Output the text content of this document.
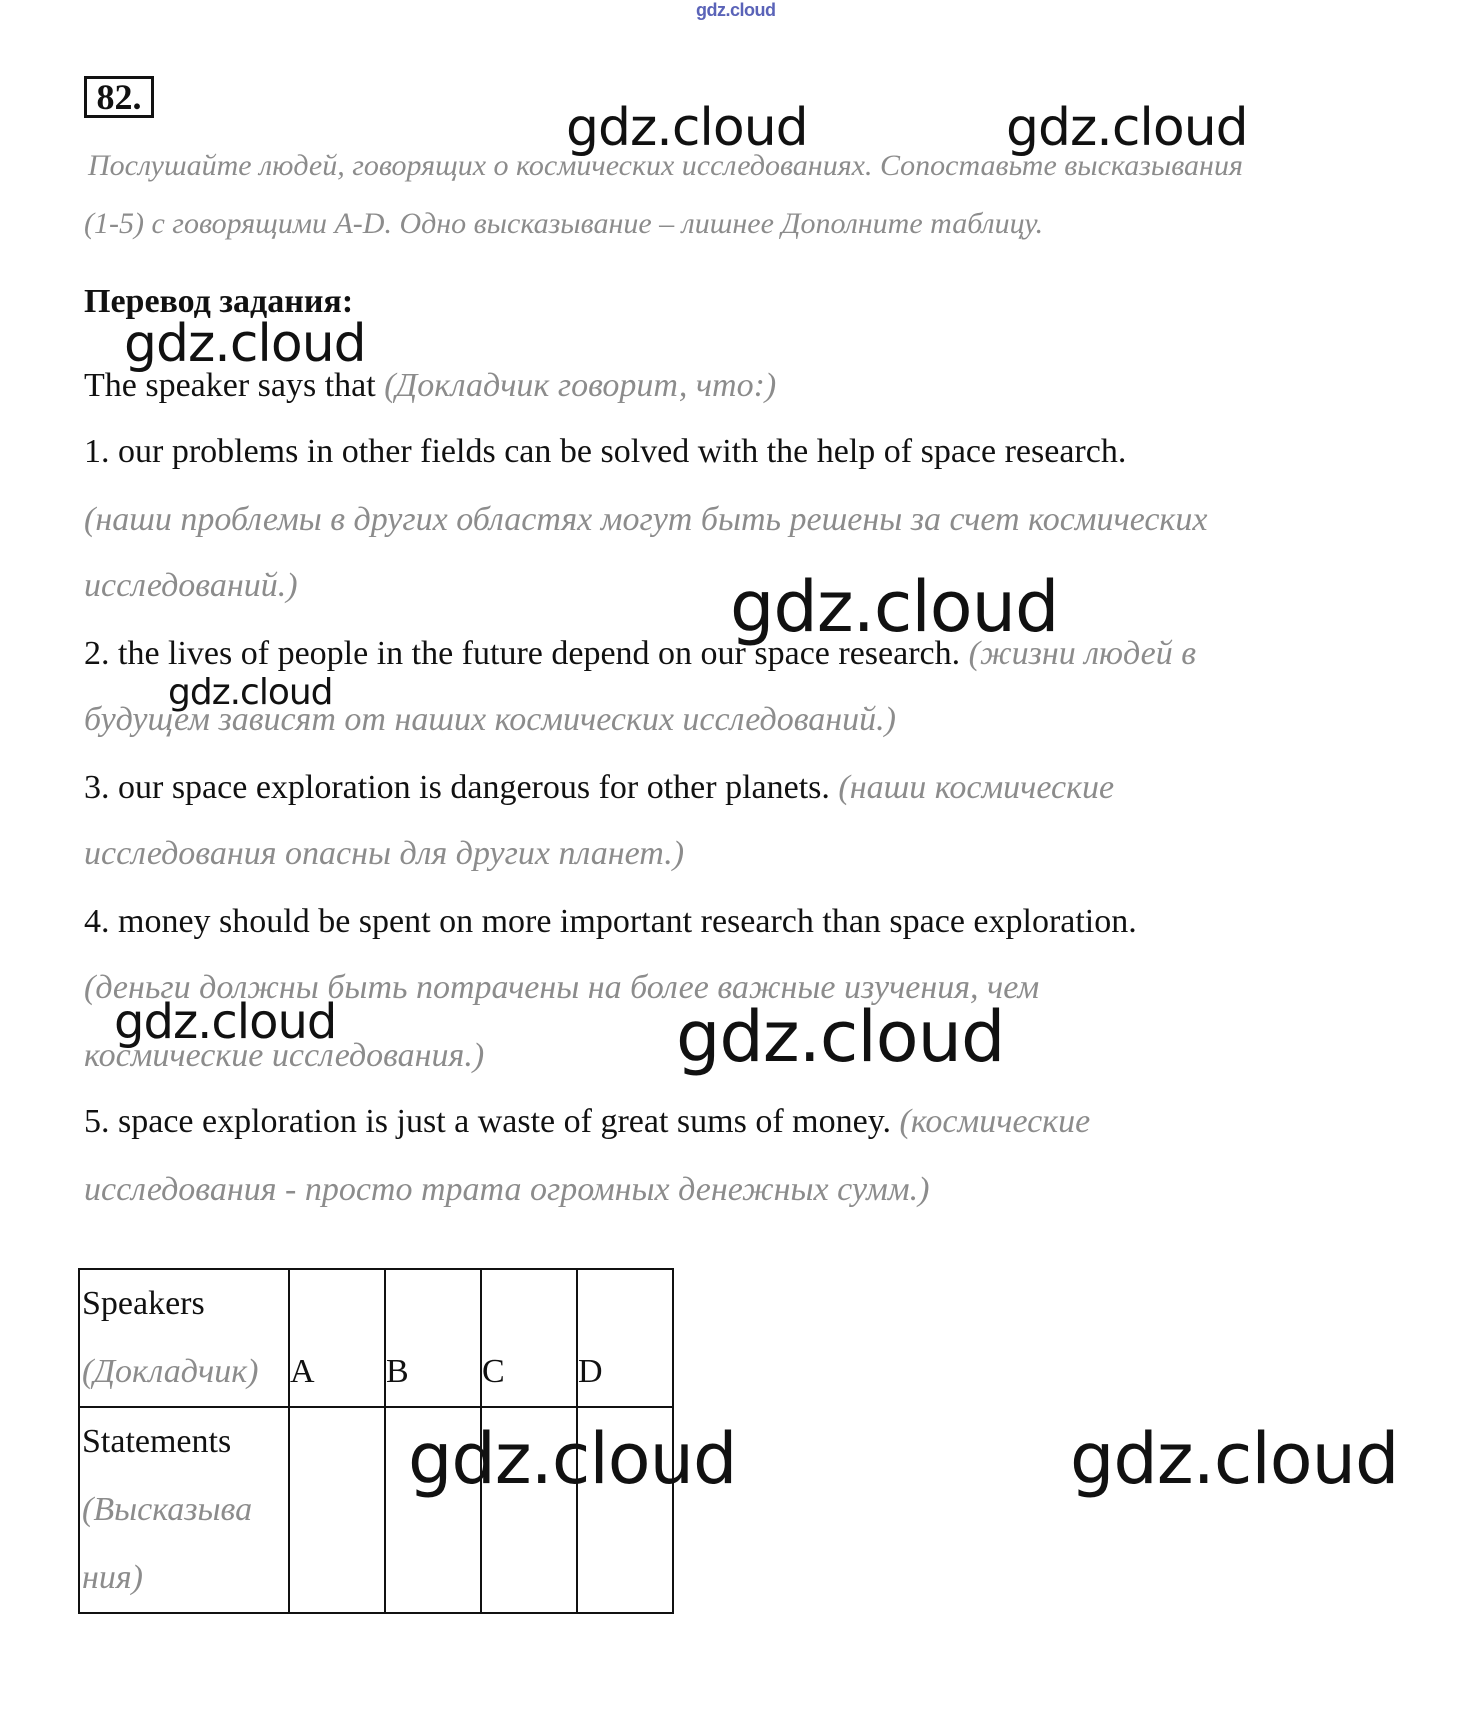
gdz.cloud
82.
gdz.cloud	gdz.cloud
gdz.cloud
gdz.cloud
gdz.cloud
gdz.cloud	gdz.cloud
gdz.cloud	gdz.cloud
Послушайте людей, говорящих о космических исследованиях. Сопоставьте высказывания
(1-5) с говорящими A-D. Одно высказывание – лишнее Дополните таблицу.
Перевод задания:
The speaker says that (Докладчик говорит, что:)
1. our problems in other fields can be solved with the help of space research.
(наши проблемы в других областях могут быть решены за счет космических
исследований.)
2. the lives of people in the future depend on our space research. (жизни людей в
будущем зависят от наших космических исследований.)
3. our space exploration is dangerous for other planets. (наши космические
исследования опасны для других планет.)
4. money should be spent on more important research than space exploration.
(деньги должны быть потрачены на более важные изучения, чем
космические исследования.)
5. space exploration is just a waste of great sums of money. (космические
исследования - просто трата огромных денежных сумм.)
Speakers
(Докладчик)	A	B	C	D

Statements
(Высказыва
ния)				
